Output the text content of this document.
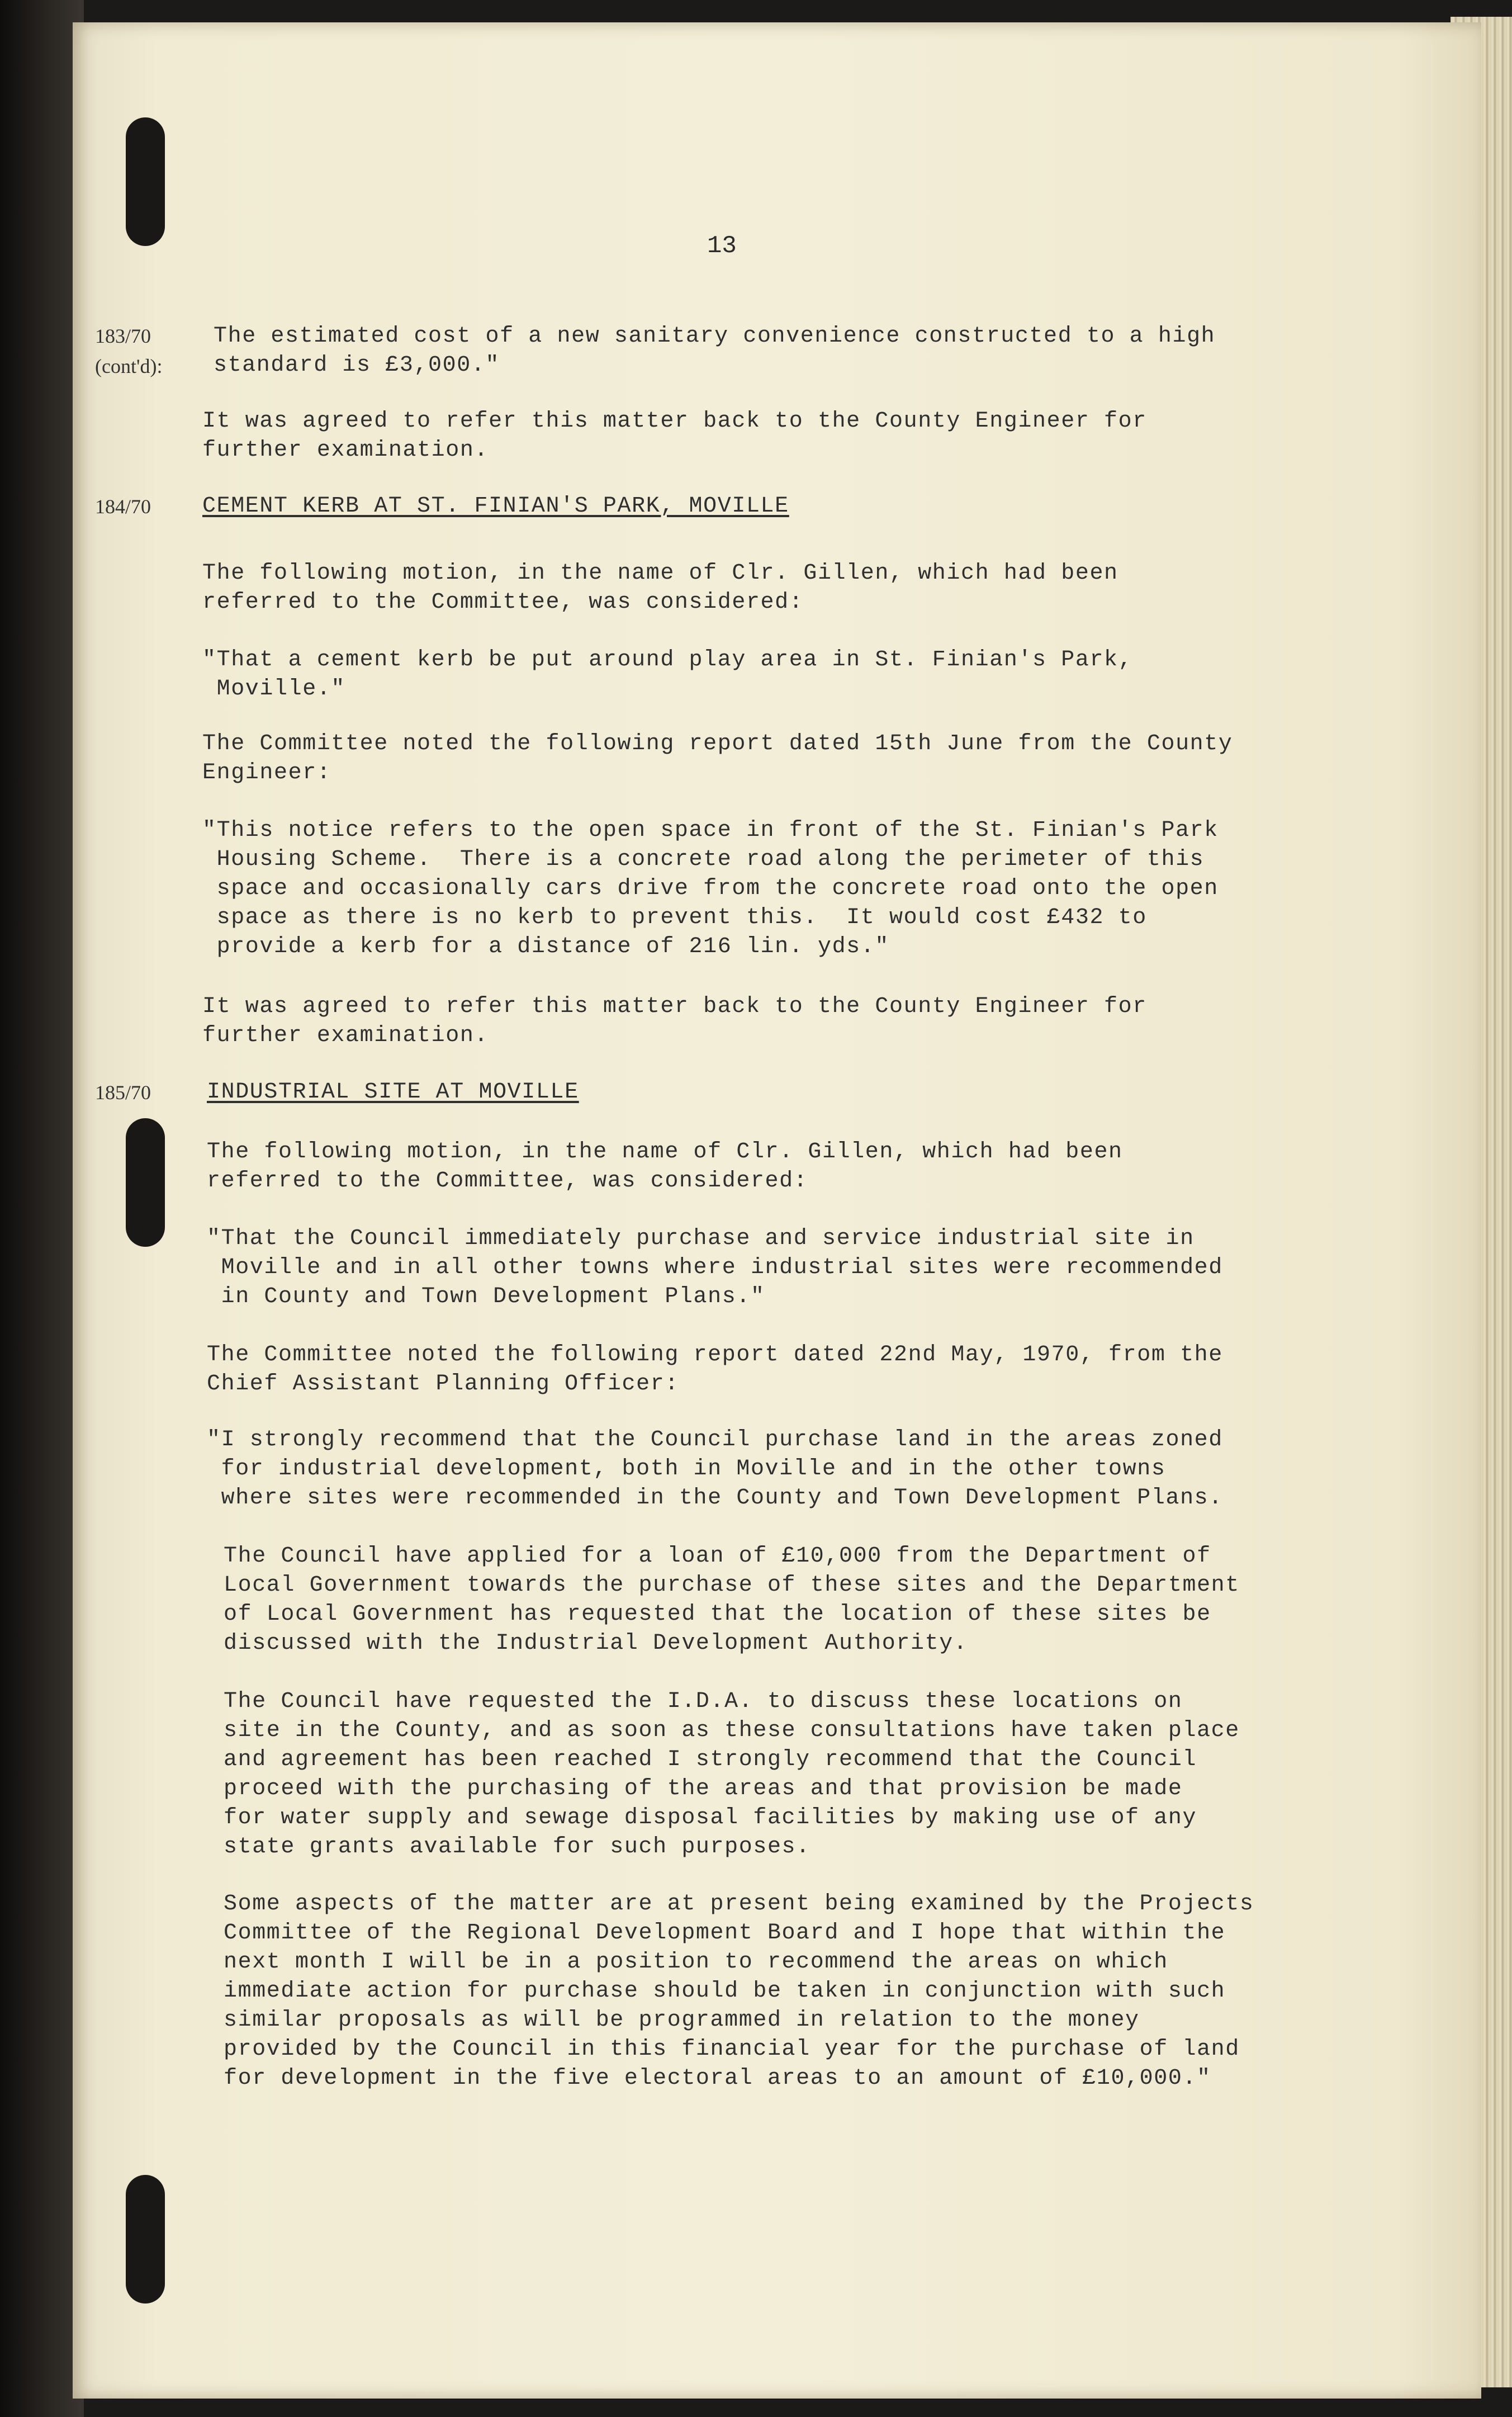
13
183/70
(cont'd):
The estimated cost of a new sanitary convenience constructed to a high
standard is £3,000."
It was agreed to refer this matter back to the County Engineer for
further examination.
184/70 CEMENT KERB AT ST. FINIAN'S PARK, MOVILLE
The following motion, in the name of Clr. Gillen, which had been
referred to the Committee, was considered:
"That a cement kerb be put around play area in St. Finian's Park,
Moville."
The Committee noted the following report dated 15th June from the County
Engineer:
"This notice refers to the open space in front of the St. Finian's Park
Housing Scheme.  There is a concrete road along the perimeter of this
space and occasionally cars drive from the concrete road onto the open
space as there is no kerb to prevent this.  It would cost £432 to
provide a kerb for a distance of 216 lin. yds."
It was agreed to refer this matter back to the County Engineer for
further examination.
185/70 INDUSTRIAL SITE AT MOVILLE
The following motion, in the name of Clr. Gillen, which had been
referred to the Committee, was considered:
"That the Council immediately purchase and service industrial site in
Moville and in all other towns where industrial sites were recommended
in County and Town Development Plans."
The Committee noted the following report dated 22nd May, 1970, from the
Chief Assistant Planning Officer:
"I strongly recommend that the Council purchase land in the areas zoned
for industrial development, both in Moville and in the other towns
where sites were recommended in the County and Town Development Plans.
The Council have applied for a loan of £10,000 from the Department of
Local Government towards the purchase of these sites and the Department
of Local Government has requested that the location of these sites be
discussed with the Industrial Development Authority.
The Council have requested the I.D.A. to discuss these locations on
site in the County, and as soon as these consultations have taken place
and agreement has been reached I strongly recommend that the Council
proceed with the purchasing of the areas and that provision be made
for water supply and sewage disposal facilities by making use of any
state grants available for such purposes.
Some aspects of the matter are at present being examined by the Projects
Committee of the Regional Development Board and I hope that within the
next month I will be in a position to recommend the areas on which
immediate action for purchase should be taken in conjunction with such
similar proposals as will be programmed in relation to the money
provided by the Council in this financial year for the purchase of land
for development in the five electoral areas to an amount of £10,000."
